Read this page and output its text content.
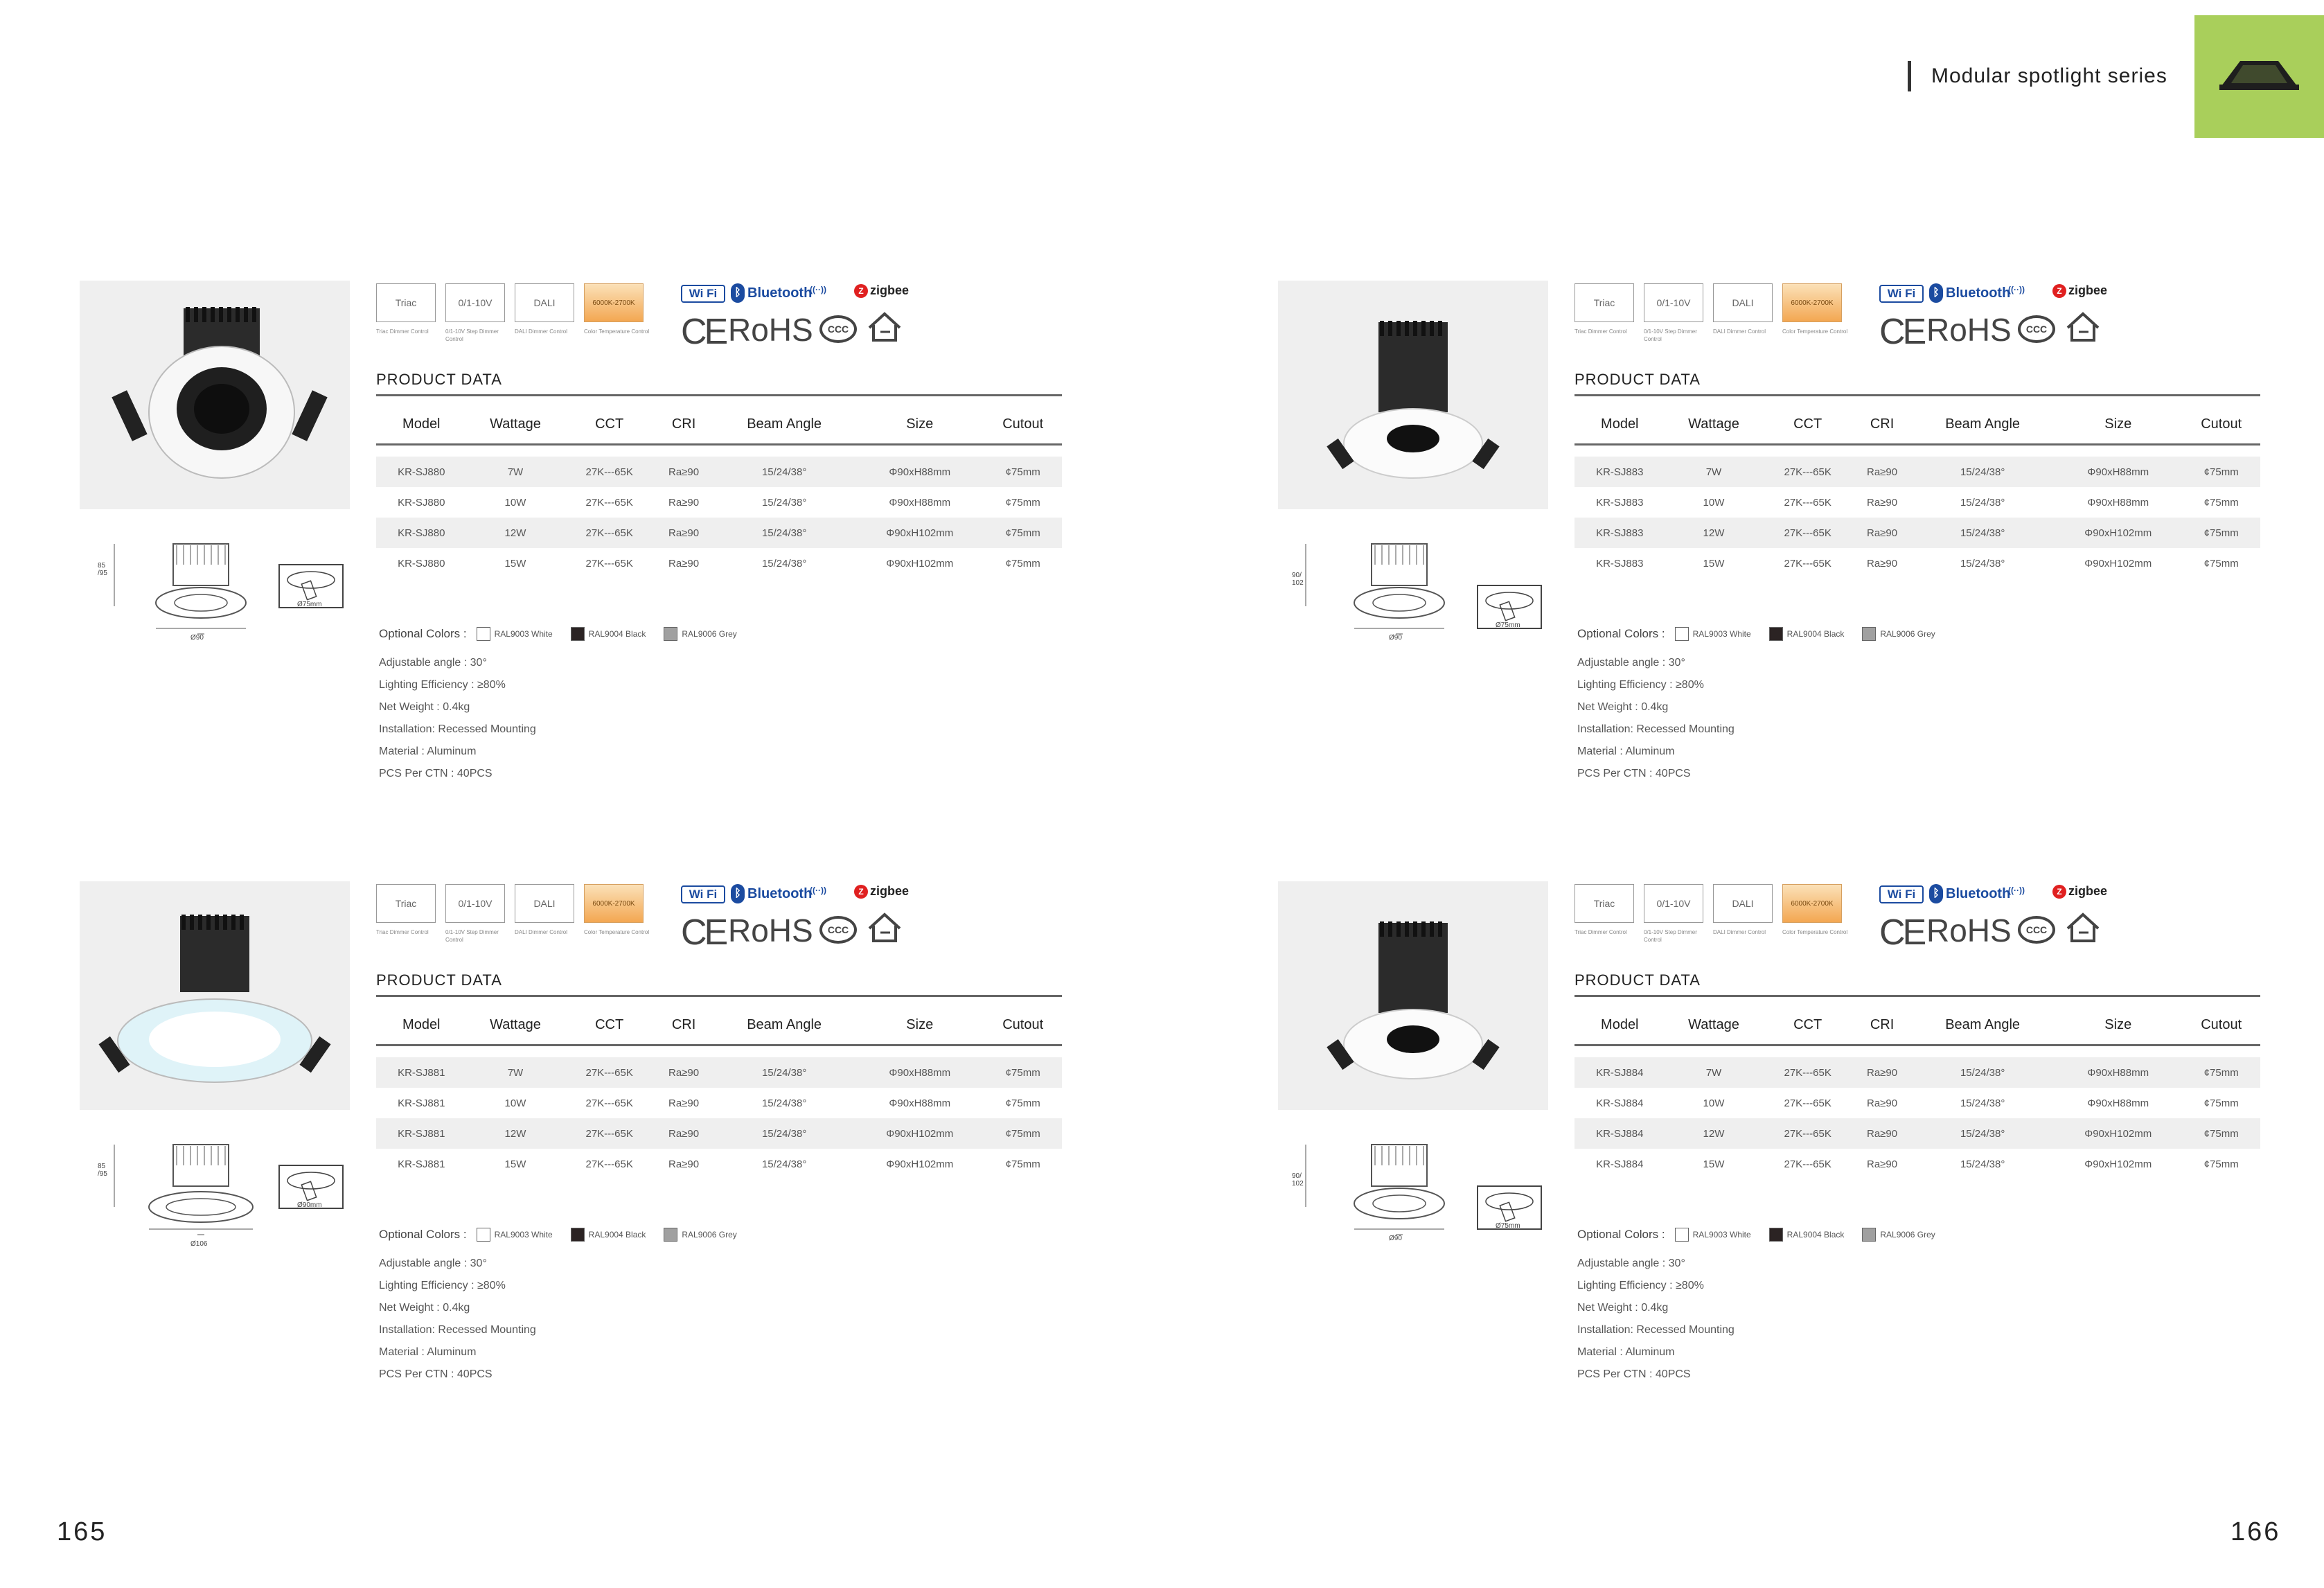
Modular spotlight series
85
/95
Ø90
Ø75mm
Triac
Triac Dimmer Control
0/1-10V
0/1-10V Step Dimmer Control
DALI
DALI Dimmer Control
6000K-2700K
Color Temperature Control
Wi Fi	ᛒ Bluetooth
((··))	Z zigbee
CE RoHS	CCC
PRODUCT DATA
Model	Wattage	CCT	CRI	Beam Angle	Size	Cutout

KR-SJ880	7W	27K---65K	Ra≥90	15/24/38°	Φ90xH88mm	¢75mm
KR-SJ880	10W	27K---65K	Ra≥90	15/24/38°	Φ90xH88mm	¢75mm
KR-SJ880	12W	27K---65K	Ra≥90	15/24/38°	Φ90xH102mm	¢75mm
KR-SJ880	15W	27K---65K	Ra≥90	15/24/38°	Φ90xH102mm	¢75mm
Optional Colors :	RAL9003 White	RAL9004 Black	RAL9006 Grey
Adjustable angle : 30°
Lighting Efficiency : ≥80%
Net Weight : 0.4kg
Installation: Recessed Mounting
Material : Aluminum
PCS Per CTN : 40PCS
90/
102
Ø90
Ø75mm
Triac
Triac Dimmer Control
0/1-10V
0/1-10V Step Dimmer Control
DALI
DALI Dimmer Control
6000K-2700K
Color Temperature Control
Wi Fi	ᛒ Bluetooth
((··))	Z zigbee
CE RoHS	CCC
PRODUCT DATA
Model	Wattage	CCT	CRI	Beam Angle	Size	Cutout

KR-SJ883	7W	27K---65K	Ra≥90	15/24/38°	Φ90xH88mm	¢75mm
KR-SJ883	10W	27K---65K	Ra≥90	15/24/38°	Φ90xH88mm	¢75mm
KR-SJ883	12W	27K---65K	Ra≥90	15/24/38°	Φ90xH102mm	¢75mm
KR-SJ883	15W	27K---65K	Ra≥90	15/24/38°	Φ90xH102mm	¢75mm
Optional Colors :	RAL9003 White	RAL9004 Black	RAL9006 Grey
Adjustable angle : 30°
Lighting Efficiency : ≥80%
Net Weight : 0.4kg
Installation: Recessed Mounting
Material : Aluminum
PCS Per CTN : 40PCS
85
/95
Ø106
Ø90mm
Triac
Triac Dimmer Control
0/1-10V
0/1-10V Step Dimmer Control
DALI
DALI Dimmer Control
6000K-2700K
Color Temperature Control
Wi Fi	ᛒ Bluetooth
((··))	Z zigbee
CE RoHS	CCC
PRODUCT DATA
Model	Wattage	CCT	CRI	Beam Angle	Size	Cutout

KR-SJ881	7W	27K---65K	Ra≥90	15/24/38°	Φ90xH88mm	¢75mm
KR-SJ881	10W	27K---65K	Ra≥90	15/24/38°	Φ90xH88mm	¢75mm
KR-SJ881	12W	27K---65K	Ra≥90	15/24/38°	Φ90xH102mm	¢75mm
KR-SJ881	15W	27K---65K	Ra≥90	15/24/38°	Φ90xH102mm	¢75mm
Optional Colors :	RAL9003 White	RAL9004 Black	RAL9006 Grey
Adjustable angle : 30°
Lighting Efficiency : ≥80%
Net Weight : 0.4kg
Installation: Recessed Mounting
Material : Aluminum
PCS Per CTN : 40PCS
90/
102
Ø90
Ø75mm
Triac
Triac Dimmer Control
0/1-10V
0/1-10V Step Dimmer Control
DALI
DALI Dimmer Control
6000K-2700K
Color Temperature Control
Wi Fi	ᛒ Bluetooth
((··))	Z zigbee
CE RoHS	CCC
PRODUCT DATA
Model	Wattage	CCT	CRI	Beam Angle	Size	Cutout

KR-SJ884	7W	27K---65K	Ra≥90	15/24/38°	Φ90xH88mm	¢75mm
KR-SJ884	10W	27K---65K	Ra≥90	15/24/38°	Φ90xH88mm	¢75mm
KR-SJ884	12W	27K---65K	Ra≥90	15/24/38°	Φ90xH102mm	¢75mm
KR-SJ884	15W	27K---65K	Ra≥90	15/24/38°	Φ90xH102mm	¢75mm
Optional Colors :	RAL9003 White	RAL9004 Black	RAL9006 Grey
Adjustable angle : 30°
Lighting Efficiency : ≥80%
Net Weight : 0.4kg
Installation: Recessed Mounting
Material : Aluminum
PCS Per CTN : 40PCS
165	166
